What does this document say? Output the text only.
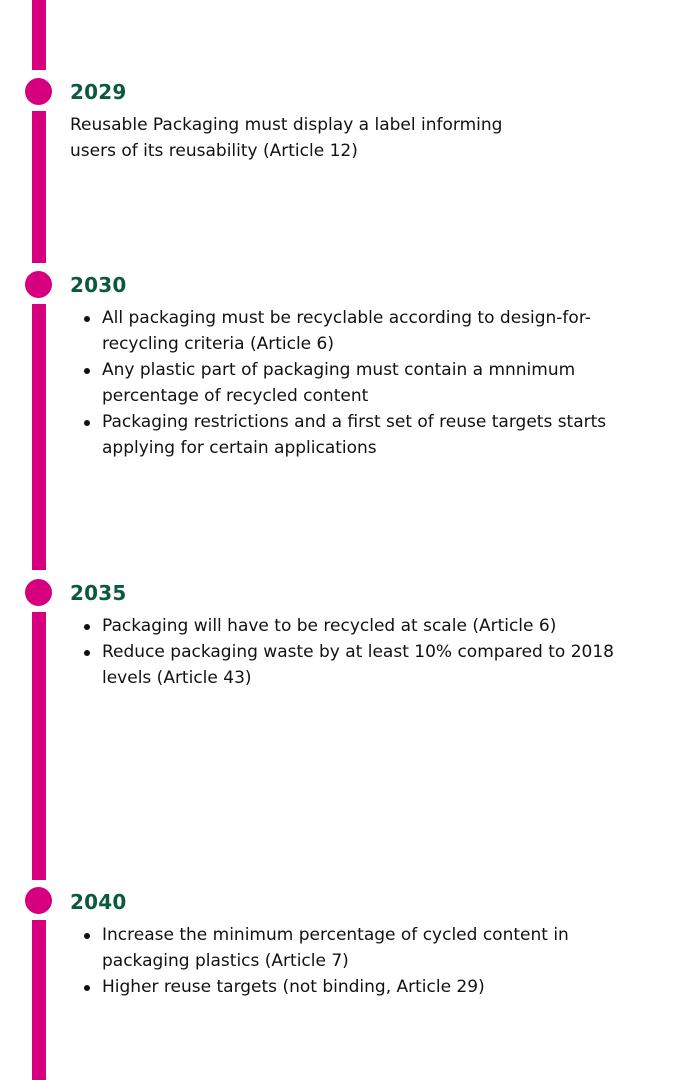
2029

Reusable Packaging must display a label informing users of its reusability (Article 12)

2030
All packaging must be recyclable according to design-for-recycling criteria (Article 6)
Any plastic part of packaging must contain a mnnimum percentage of recycled content
Packaging restrictions and a first set of reuse targets starts applying for certain applications
2035
Packaging will have to be recycled at scale (Article 6)
Reduce packaging waste by at least 10% compared to 2018 levels (Article 43)
2040
Increase the minimum percentage of cycled content in packaging plastics (Article 7)
Higher reuse targets (not binding, Article 29)
